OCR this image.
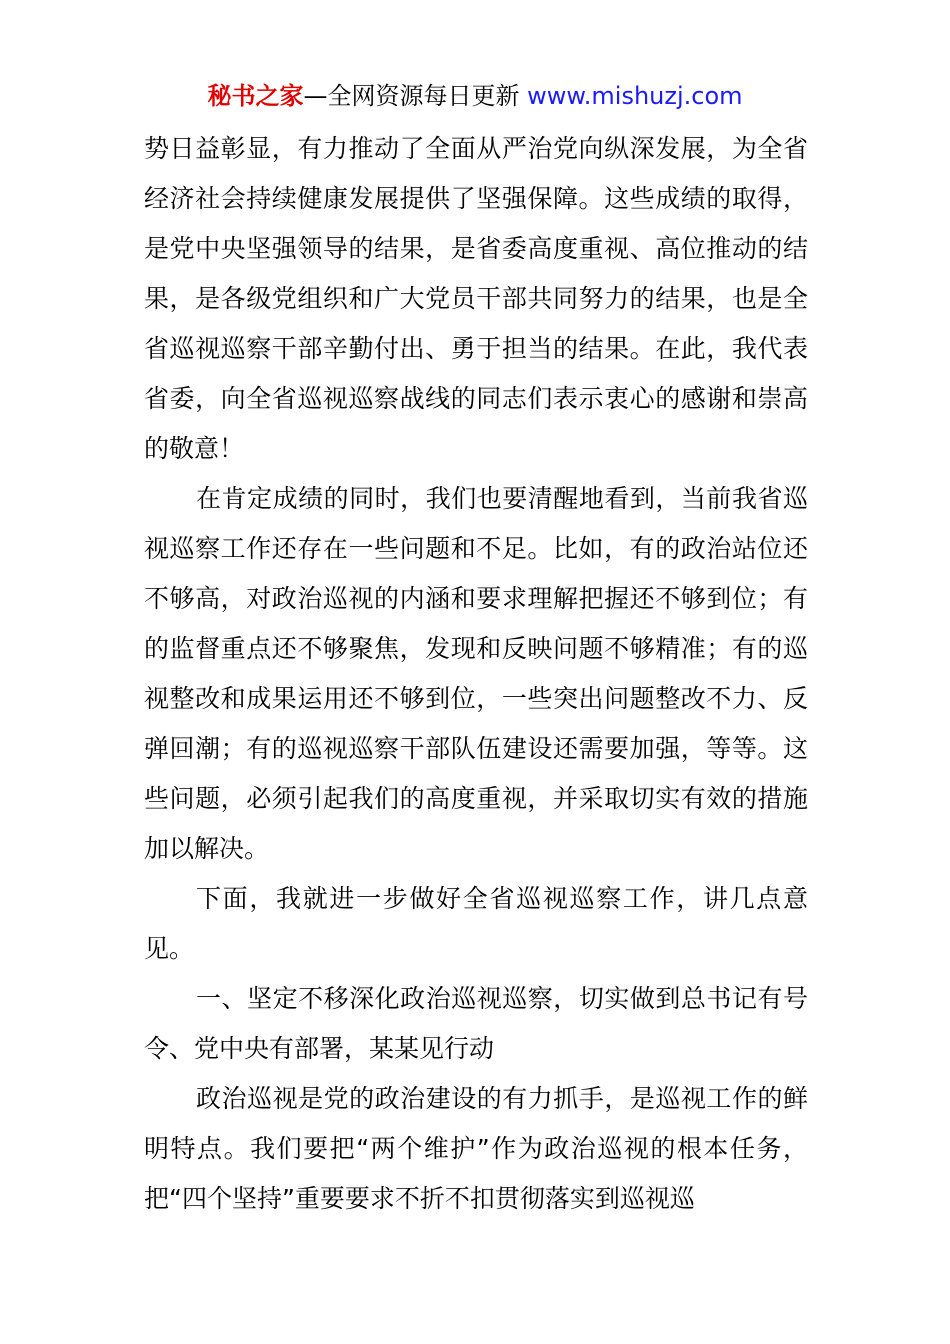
秘书之家—全网资源每日更新 www.mishuzj.com

势日益彰显，有力推动了全面从严治党向纵深发展，为全省经济社会持续健康发展提供了坚强保障。这些成绩的取得，是党中央坚强领导的结果，是省委高度重视、高位推动的结果，是各级党组织和广大党员干部共同努力的结果，也是全省巡视巡察干部辛勤付出、勇于担当的结果。在此，我代表省委，向全省巡视巡察战线的同志们表示衷心的感谢和崇高的敬意！

在肯定成绩的同时，我们也要清醒地看到，当前我省巡视巡察工作还存在一些问题和不足。比如，有的政治站位还不够高，对政治巡视的内涵和要求理解把握还不够到位；有的监督重点还不够聚焦，发现和反映问题不够精准；有的巡视整改和成果运用还不够到位，一些突出问题整改不力、反弹回潮；有的巡视巡察干部队伍建设还需要加强，等等。这些问题，必须引起我们的高度重视，并采取切实有效的措施加以解决。

下面，我就进一步做好全省巡视巡察工作，讲几点意见。

一、坚定不移深化政治巡视巡察，切实做到总书记有号令、党中央有部署，某某见行动

政治巡视是党的政治建设的有力抓手，是巡视工作的鲜明特点。我们要把“两个维护”作为政治巡视的根本任务，把“四个坚持”重要要求不折不扣贯彻落实到巡视巡
